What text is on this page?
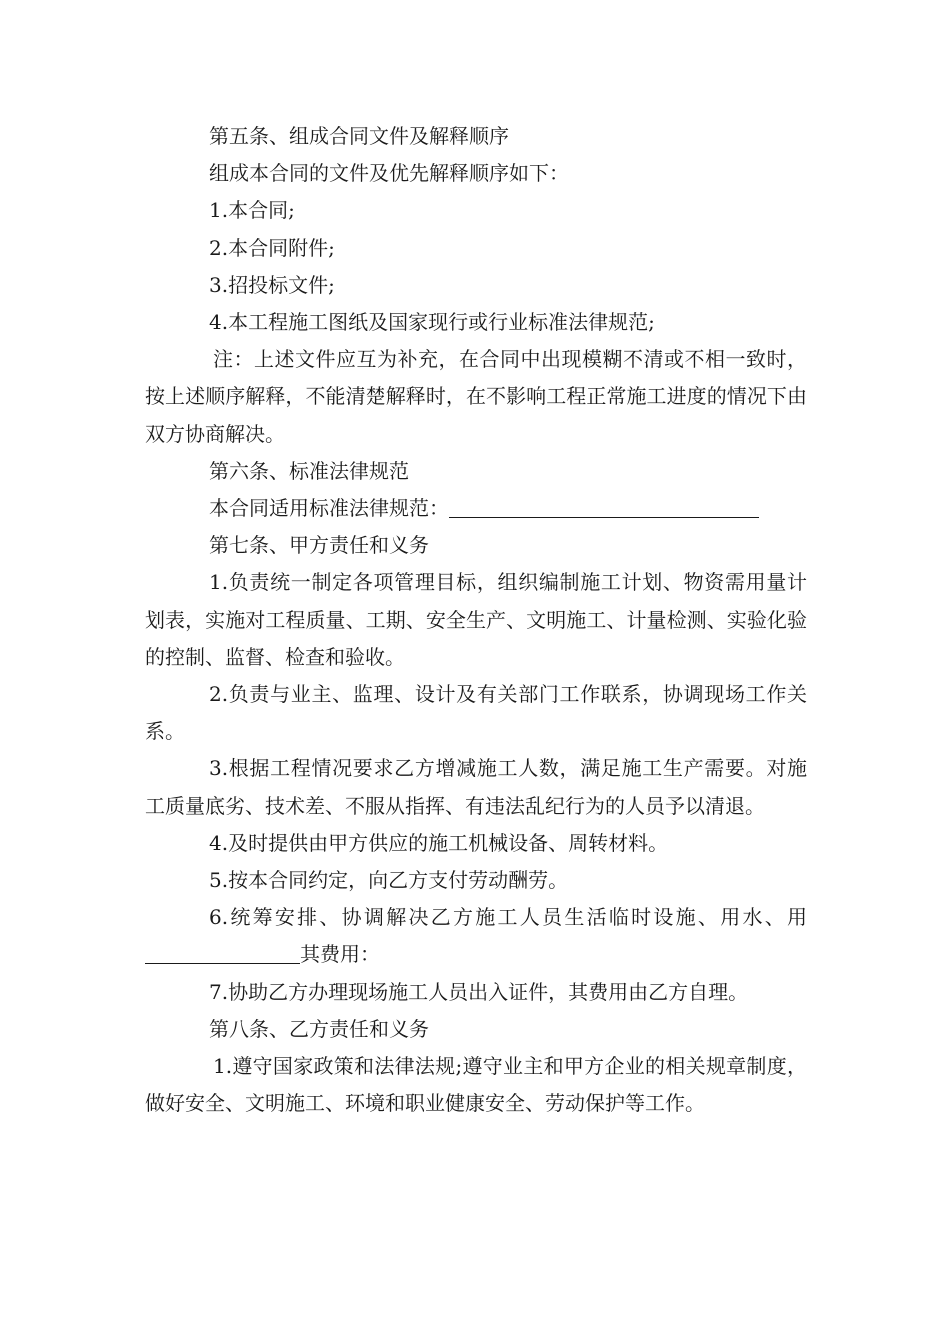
第五条、组成合同文件及解释顺序

组成本合同的文件及优先解释顺序如下：

1.本合同;

2.本合同附件;

3.招投标文件;

4.本工程施工图纸及国家现行或行业标准法律规范;

注：上述文件应互为补充，在合同中出现模糊不清或不相一致时，按上述顺序解释，不能清楚解释时，在不影响工程正常施工进度的情况下由双方协商解决。

第六条、标准法律规范

本合同适用标准法律规范：

第七条、甲方责任和义务

1.负责统一制定各项管理目标，组织编制施工计划、物资需用量计划表，实施对工程质量、工期、安全生产、文明施工、计量检测、实验化验的控制、监督、检查和验收。

2.负责与业主、监理、设计及有关部门工作联系，协调现场工作关系。

3.根据工程情况要求乙方增减施工人数，满足施工生产需要。对施工质量底劣、技术差、不服从指挥、有违法乱纪行为的人员予以清退。

4.及时提供由甲方供应的施工机械设备、周转材料。

5.按本合同约定，向乙方支付劳动酬劳。

6.统筹安排、协调解决乙方施工人员生活临时设施、用水、用其费用：

7.协助乙方办理现场施工人员出入证件，其费用由乙方自理。

第八条、乙方责任和义务

1.遵守国家政策和法律法规;遵守业主和甲方企业的相关规章制度，做好安全、文明施工、环境和职业健康安全、劳动保护等工作。
